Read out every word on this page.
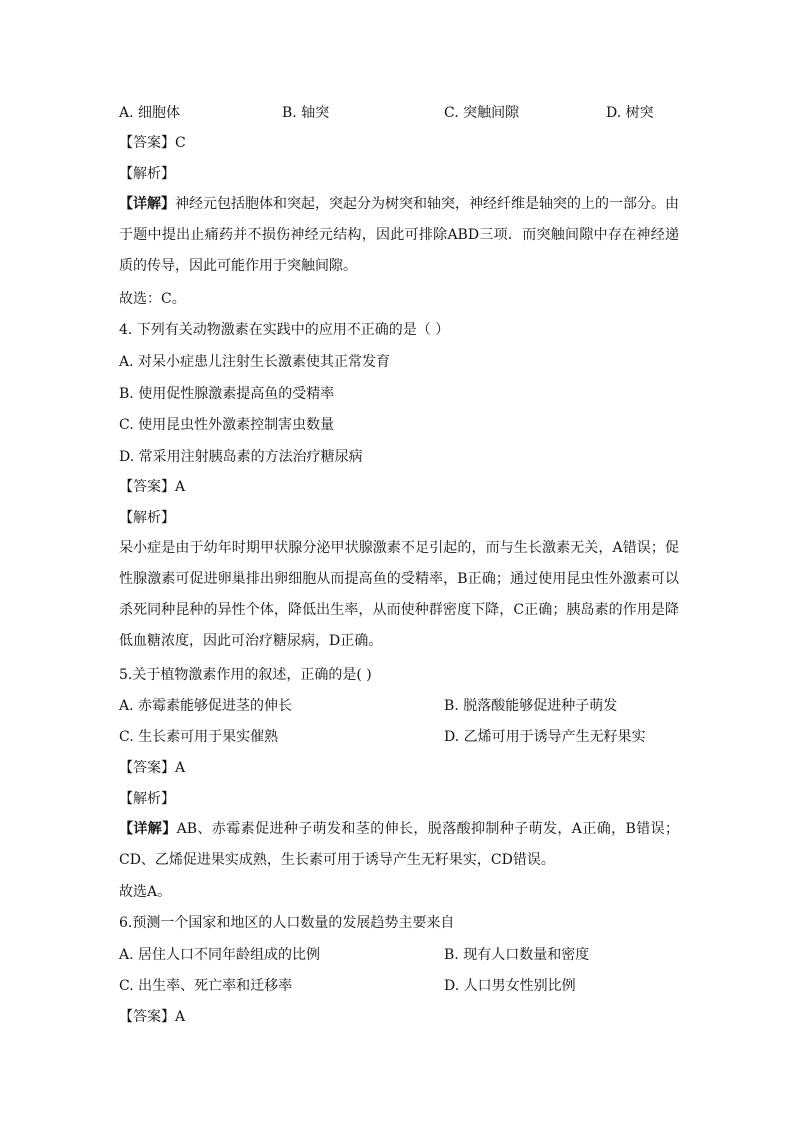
A. 细胞体	B. 轴突	C. 突触间隙	D. 树突
【答案】C
【解析】
【详解】神经元包括胞体和突起，突起分为树突和轴突，神经纤维是轴突的上的一部分。由于题中提出止痛药并不损伤神经元结构，因此可排除ABD三项．而突触间隙中存在神经递质的传导，因此可能作用于突触间隙。
故选：C。
4. 下列有关动物激素在实践中的应用不正确的是（ ）
A. 对呆小症患儿注射生长激素使其正常发育
B. 使用促性腺激素提高鱼的受精率
C. 使用昆虫性外激素控制害虫数量
D. 常采用注射胰岛素的方法治疗糖尿病
【答案】A
【解析】
呆小症是由于幼年时期甲状腺分泌甲状腺激素不足引起的，而与生长激素无关，A错误；促性腺激素可促进卵巢排出卵细胞从而提高鱼的受精率，B正确；通过使用昆虫性外激素可以杀死同种昆种的异性个体，降低出生率，从而使种群密度下降，C正确；胰岛素的作用是降低血糖浓度，因此可治疗糖尿病，D正确。
5.关于植物激素作用的叙述，正确的是( )
A. 赤霉素能够促进茎的伸长	B. 脱落酸能够促进种子萌发
C. 生长素可用于果实催熟	D. 乙烯可用于诱导产生无籽果实
【答案】A
【解析】
【详解】AB、赤霉素促进种子萌发和茎的伸长，脱落酸抑制种子萌发，A正确，B错误；CD、乙烯促进果实成熟，生长素可用于诱导产生无籽果实，CD错误。
故选A。
6.预测一个国家和地区的人口数量的发展趋势主要来自
A. 居住人口不同年龄组成的比例	B. 现有人口数量和密度
C. 出生率、死亡率和迁移率	D. 人口男女性别比例
【答案】A
